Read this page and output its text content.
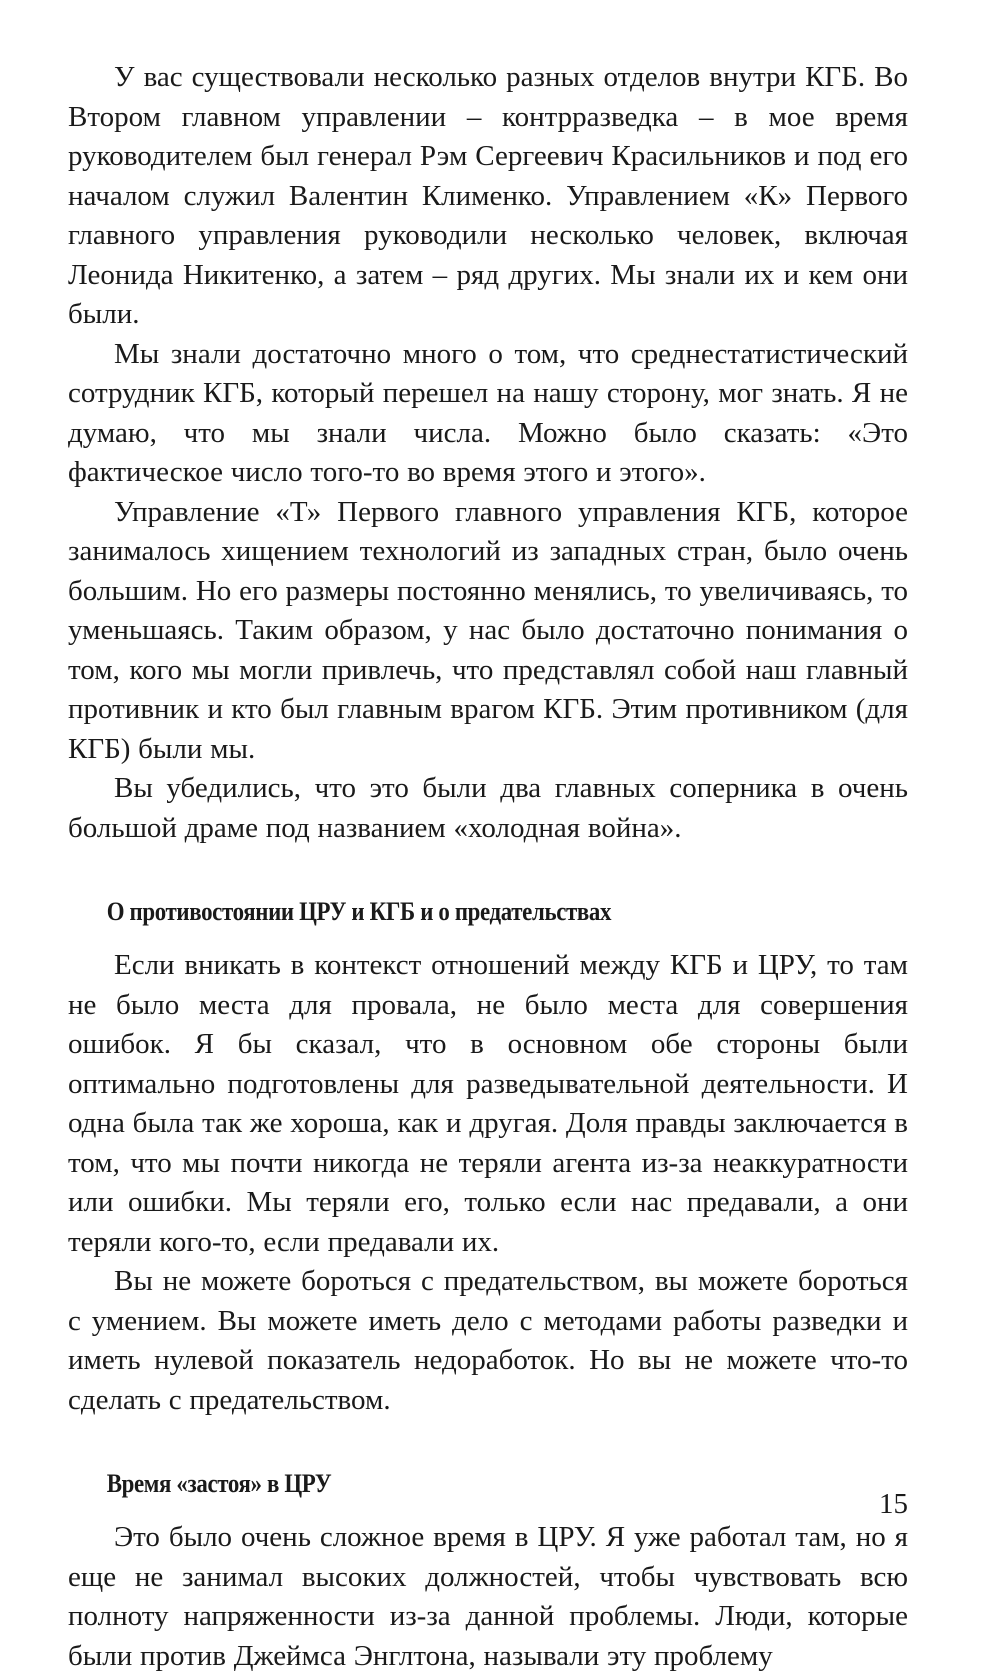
У вас существовали несколько разных отделов внутри КГБ. Во Втором главном управлении – контрразведка – в мое время руководителем был генерал Рэм Сергеевич Красильников и под его началом служил Валентин Клименко. Управлением «К» Первого главного управления руководили несколько человек, включая Леонида Никитенко, а затем – ряд других. Мы знали их и кем они были.

Мы знали достаточно много о том, что среднестатистический сотрудник КГБ, который перешел на нашу сторону, мог знать. Я не думаю, что мы знали числа. Можно было сказать: «Это фактическое число того-то во время этого и этого».

Управление «Т» Первого главного управления КГБ, которое занималось хищением технологий из западных стран, было очень большим. Но его размеры постоянно менялись, то увеличиваясь, то уменьшаясь. Таким образом, у нас было достаточно понимания о том, кого мы могли привлечь, что представлял собой наш главный противник и кто был главным врагом КГБ. Этим противником (для КГБ) были мы.

Вы убедились, что это были два главных соперника в очень большой драме под названием «холодная война».

О противостоянии ЦРУ и КГБ и о предательствах

Если вникать в контекст отношений между КГБ и ЦРУ, то там не было места для провала, не было места для совершения ошибок. Я бы сказал, что в основном обе стороны были оптимально подготовлены для разведывательной деятельности. И одна была так же хороша, как и другая. Доля правды заключается в том, что мы почти никогда не теряли агента из-за неаккуратности или ошибки. Мы теряли его, только если нас предавали, а они теряли кого-то, если предавали их.

Вы не можете бороться с предательством, вы можете бороться с умением. Вы можете иметь дело с методами работы разведки и иметь нулевой показатель недоработок. Но вы не можете что-то сделать с предательством.

Время «застоя» в ЦРУ

Это было очень сложное время в ЦРУ. Я уже работал там, но я еще не занимал высоких должностей, чтобы чувствовать всю полноту напряженности из-за данной проблемы. Люди, которые были против Джеймса Энглтона, называли эту проблему

15
